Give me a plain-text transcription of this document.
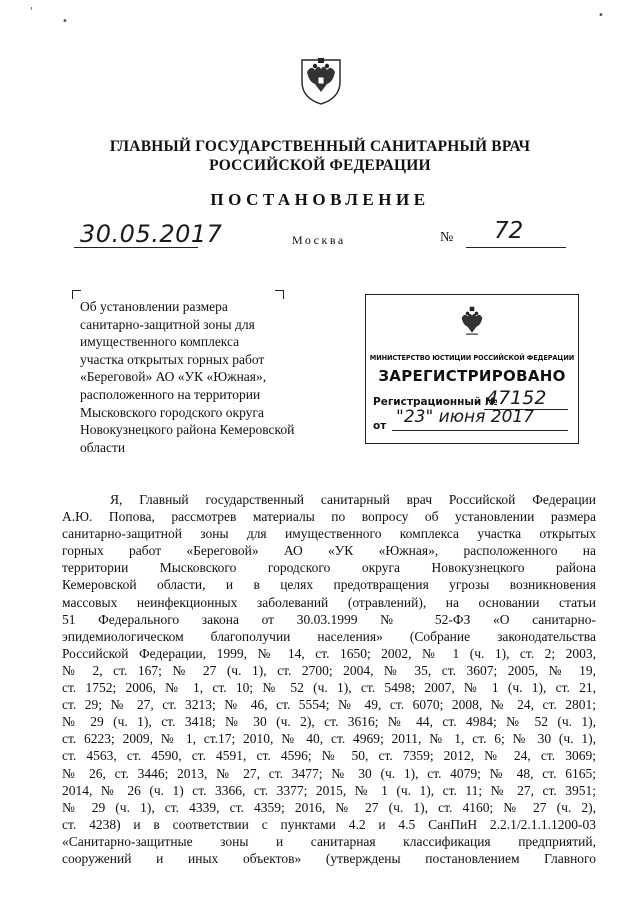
'
•
•
ГЛАВНЫЙ ГОСУДАРСТВЕННЫЙ САНИТАРНЫЙ ВРАЧ
РОССИЙСКОЙ ФЕДЕРАЦИИ
ПОСТАНОВЛЕНИЕ
30.05.2017	Москва	№ 72
Об установлении размера
санитарно-защитной зоны для
имущественного комплекса
участка открытых горных работ
«Береговой» АО «УК «Южная»,
расположенного на территории
Мысковского городского округа
Новокузнецкого района Кемеровской
области
МИНИСТЕРСТВО ЮСТИЦИИ РОССИЙСКОЙ ФЕДЕРАЦИИ
ЗАРЕГИСТРИРОВАНО
Регистрационный №
47152
от "23" июня 2017
Я, Главный государственный санитарный врач Российской Федерации
А.Ю. Попова, рассмотрев материалы по вопросу об установлении размера
санитарно-защитной зоны для имущественного комплекса участка открытых
горных работ «Береговой» АО «УК «Южная», расположенного на
территории Мысковского городского округа Новокузнецкого района
Кемеровской области, и в целях предотвращения угрозы возникновения
массовых неинфекционных заболеваний (отравлений), на основании статьи
51 Федерального закона от 30.03.1999 № 52-ФЗ «О санитарно-
эпидемиологическом благополучии населения» (Собрание законодательства
Российской Федерации, 1999, № 14, ст. 1650; 2002, № 1 (ч. 1), ст. 2; 2003,
№ 2, ст. 167; № 27 (ч. 1), ст. 2700; 2004, № 35, ст. 3607; 2005, № 19,
ст. 1752; 2006, № 1, ст. 10; № 52 (ч. 1), ст. 5498; 2007, № 1 (ч. 1), ст. 21,
ст. 29; № 27, ст. 3213; № 46, ст. 5554; № 49, ст. 6070; 2008, № 24, ст. 2801;
№ 29 (ч. 1), ст. 3418; № 30 (ч. 2), ст. 3616; № 44, ст. 4984; № 52 (ч. 1),
ст. 6223; 2009, № 1, ст.17; 2010, № 40, ст. 4969; 2011, № 1, ст. 6; № 30 (ч. 1),
ст. 4563, ст. 4590, ст. 4591, ст. 4596; № 50, ст. 7359; 2012, № 24, ст. 3069;
№ 26, ст. 3446; 2013, № 27, ст. 3477; № 30 (ч. 1), ст. 4079; № 48, ст. 6165;
2014, № 26 (ч. 1) ст. 3366, ст. 3377; 2015, № 1 (ч. 1), ст. 11; № 27, ст. 3951;
№ 29 (ч. 1), ст. 4339, ст. 4359; 2016, № 27 (ч. 1), ст. 4160; № 27 (ч. 2),
ст. 4238) и в соответствии с пунктами 4.2 и 4.5 СанПиН 2.2.1/2.1.1.1200-03
«Санитарно-защитные зоны и санитарная классификация предприятий,
сооружений и иных объектов» (утверждены постановлением Главного
